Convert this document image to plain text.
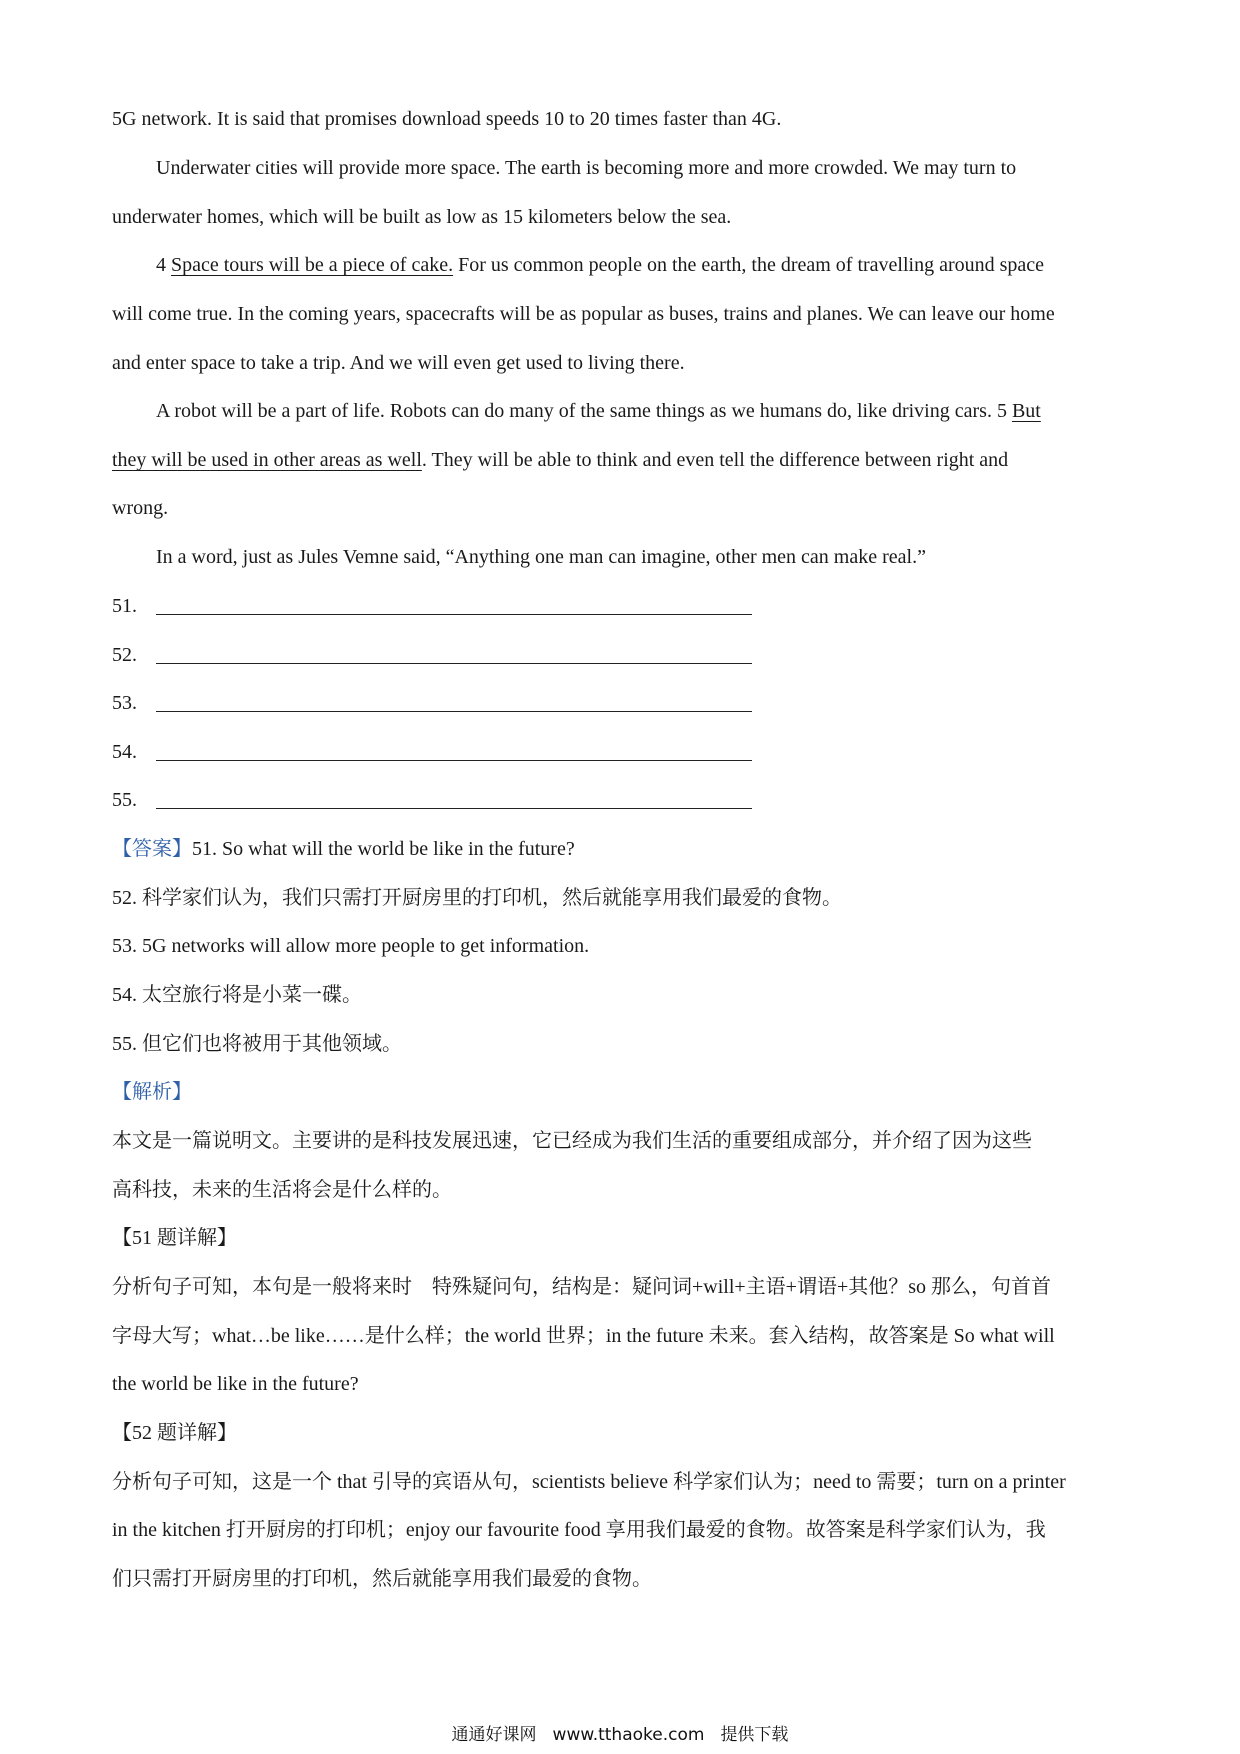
5G network. It is said that promises download speeds 10 to 20 times faster than 4G.
Underwater cities will provide more space. The earth is becoming more and more crowded. We may turn to
underwater homes, which will be built as low as 15 kilometers below the sea.
4 Space tours will be a piece of cake. For us common people on the earth, the dream of travelling around space
will come true. In the coming years, spacecrafts will be as popular as buses, trains and planes. We can leave our home
and enter space to take a trip. And we will even get used to living there.
A robot will be a part of life. Robots can do many of the same things as we humans do, like driving cars. 5 But
they will be used in other areas as well. They will be able to think and even tell the difference between right and
wrong.
In a word, just as Jules Vemne said, “Anything one man can imagine, other men can make real.”
51.
52.
53.
54.
55.
【答案】51. So what will the world be like in the future?
52. 科学家们认为，我们只需打开厨房里的打印机，然后就能享用我们最爱的食物。
53. 5G networks will allow more people to get information.
54. 太空旅行将是小菜一碟。
55. 但它们也将被用于其他领域。
【解析】
本文是一篇说明文。主要讲的是科技发展迅速，它已经成为我们生活的重要组成部分，并介绍了因为这些
高科技，未来的生活将会是什么样的。
【51 题详解】
分析句子可知，本句是一般将来时　特殊疑问句，结构是：疑问词+will+主语+谓语+其他？so 那么，句首首
字母大写；what…be like……是什么样；the world 世界；in the future 未来。套入结构，故答案是 So what will
the world be like in the future?
【52 题详解】
分析句子可知，这是一个 that 引导的宾语从句，scientists believe 科学家们认为；need to 需要；turn on a printer
in the kitchen 打开厨房的打印机；enjoy our favourite food 享用我们最爱的食物。故答案是科学家们认为，我
们只需打开厨房里的打印机，然后就能享用我们最爱的食物。
通通好课网 www.tthaoke.com 提供下载
